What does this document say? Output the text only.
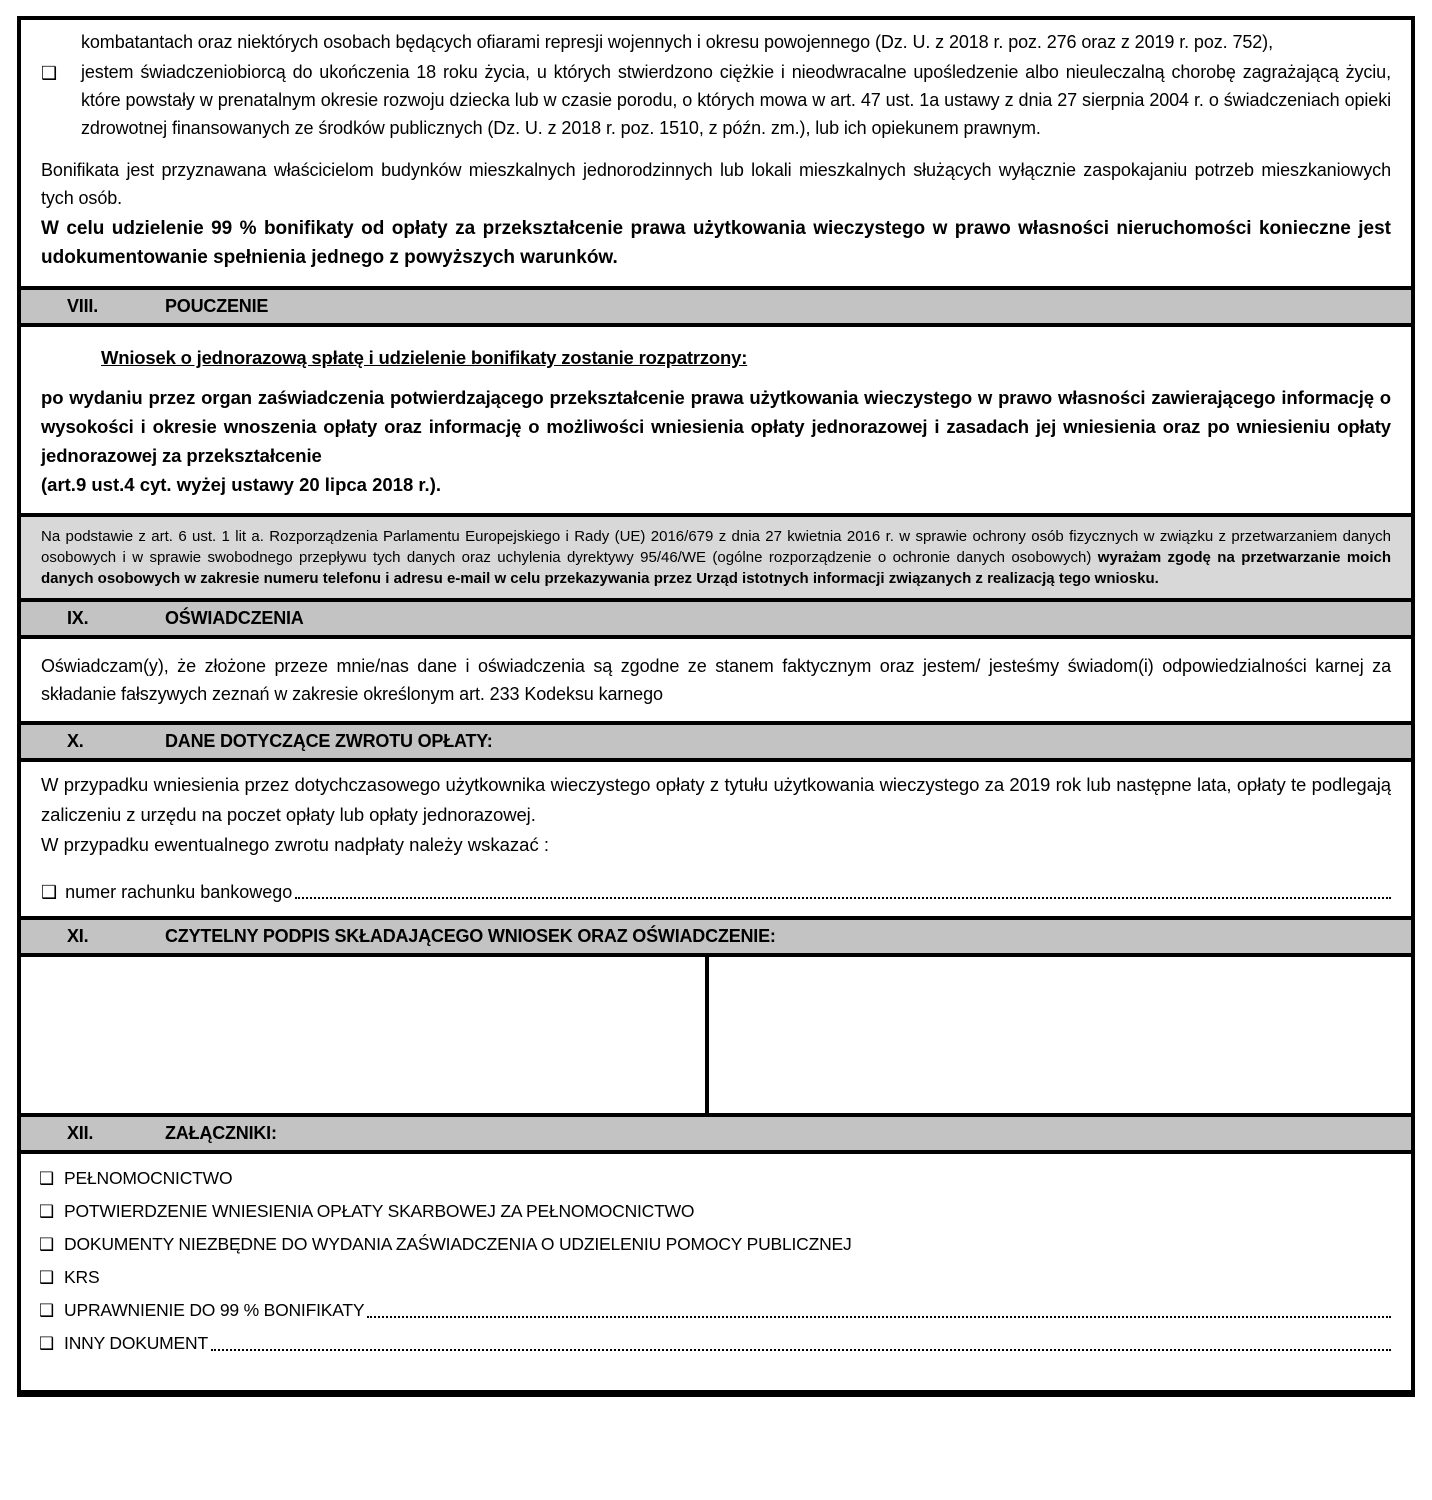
kombatantach oraz niektórych osobach będących ofiarami represji wojennych i okresu powojennego (Dz. U. z 2018 r. poz. 276 oraz z 2019 r. poz. 752),
❑ jestem świadczeniobiorcą do ukończenia 18 roku życia, u których stwierdzono ciężkie i nieodwracalne upośledzenie albo nieuleczalną chorobę zagrażającą życiu, które powstały w prenatalnym okresie rozwoju dziecka lub w czasie porodu, o których mowa w art. 47 ust. 1a ustawy z dnia 27 sierpnia 2004 r. o świadczeniach opieki zdrowotnej finansowanych ze środków publicznych (Dz. U. z 2018 r. poz. 1510, z późn. zm.), lub ich opiekunem prawnym.
Bonifikata jest przyznawana właścicielom budynków mieszkalnych jednorodzinnych lub lokali mieszkalnych służących wyłącznie zaspokajaniu potrzeb mieszkaniowych tych osób.
W celu udzielenie 99 % bonifikaty od opłaty za przekształcenie prawa użytkowania wieczystego w prawo własności nieruchomości konieczne jest udokumentowanie spełnienia jednego z powyższych warunków.
VIII.	POUCZENIE
Wniosek o jednorazową spłatę i udzielenie bonifikaty zostanie rozpatrzony:
po wydaniu przez organ zaświadczenia potwierdzającego przekształcenie prawa użytkowania wieczystego w prawo własności zawierającego informację o wysokości i okresie wnoszenia opłaty oraz informację o możliwości wniesienia opłaty jednorazowej i zasadach jej wniesienia oraz po wniesieniu opłaty jednorazowej za przekształcenie
(art.9 ust.4 cyt. wyżej ustawy 20 lipca 2018 r.).
Na podstawie z art. 6 ust. 1 lit a. Rozporządzenia Parlamentu Europejskiego i Rady (UE) 2016/679 z dnia 27 kwietnia 2016 r. w sprawie ochrony osób fizycznych w związku z przetwarzaniem danych osobowych i w sprawie swobodnego przepływu tych danych oraz uchylenia dyrektywy 95/46/WE (ogólne rozporządzenie o ochronie danych osobowych) wyrażam zgodę na przetwarzanie moich danych osobowych w zakresie numeru telefonu i adresu e-mail w celu przekazywania przez Urząd istotnych informacji związanych z realizacją tego wniosku.
IX.	OŚWIADCZENIA
Oświadczam(y), że złożone przeze mnie/nas dane i oświadczenia są zgodne ze stanem faktycznym oraz jestem/ jesteśmy świadom(i) odpowiedzialności karnej za składanie fałszywych zeznań w zakresie określonym art. 233 Kodeksu karnego
X.	DANE DOTYCZĄCE ZWROTU OPŁATY:
W przypadku wniesienia przez dotychczasowego użytkownika wieczystego opłaty z tytułu użytkowania wieczystego za 2019 rok lub następne lata, opłaty te podlegają zaliczeniu z urzędu na poczet opłaty lub opłaty jednorazowej.
W przypadku ewentualnego zwrotu nadpłaty należy wskazać :
❑ numer rachunku bankowego
XI.	CZYTELNY PODPIS SKŁADAJĄCEGO WNIOSEK ORAZ OŚWIADCZENIE:
XII.	ZAŁĄCZNIKI:
❑ PEŁNOMOCNICTWO
❑ POTWIERDZENIE WNIESIENIA OPŁATY SKARBOWEJ ZA PEŁNOMOCNICTWO
❑ DOKUMENTY NIEZBĘDNE DO WYDANIA ZAŚWIADCZENIA O UDZIELENIU POMOCY PUBLICZNEJ
❑ KRS
❑ UPRAWNIENIE DO 99 % BONIFIKATY
❑ INNY DOKUMENT
